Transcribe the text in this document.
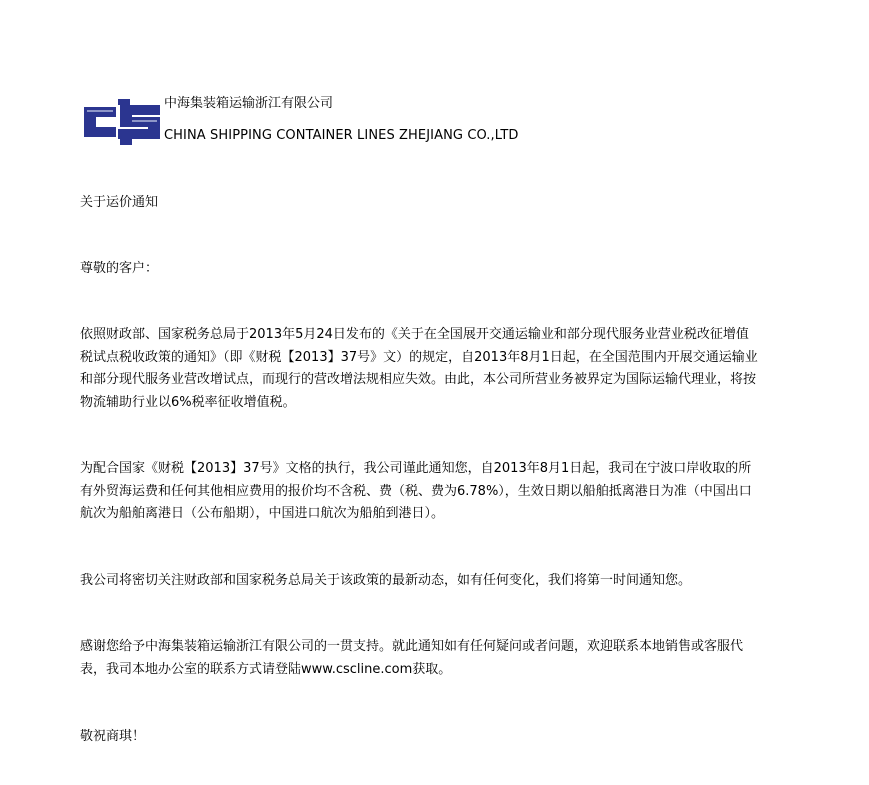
中海集装箱运输浙江有限公司
CHINA SHIPPING CONTAINER LINES ZHEJIANG CO.,LTD

关于运价通知

尊敬的客户：

依照财政部、国家税务总局于2013年5月24日发布的《关于在全国展开交通运输业和部分现代服务业营业税改征增值税试点税收政策的通知》（即《财税【2013】37号》文）的规定，自2013年8月1日起，在全国范围内开展交通运输业和部分现代服务业营改增试点，而现行的营改增法规相应失效。由此，本公司所营业务被界定为国际运输代理业，将按物流辅助行业以6%税率征收增值税。

为配合国家《财税【2013】37号》文格的执行，我公司谨此通知您，自2013年8月1日起，我司在宁波口岸收取的所有外贸海运费和任何其他相应费用的报价均不含税、费（税、费为6.78%），生效日期以船舶抵离港日为准（中国出口航次为船舶离港日（公布船期），中国进口航次为船舶到港日）。

我公司将密切关注财政部和国家税务总局关于该政策的最新动态，如有任何变化，我们将第一时间通知您。

感谢您给予中海集装箱运输浙江有限公司的一贯支持。就此通知如有任何疑问或者问题，欢迎联系本地销售或客服代表，我司本地办公室的联系方式请登陆www.cscline.com获取。

敬祝商琪！
